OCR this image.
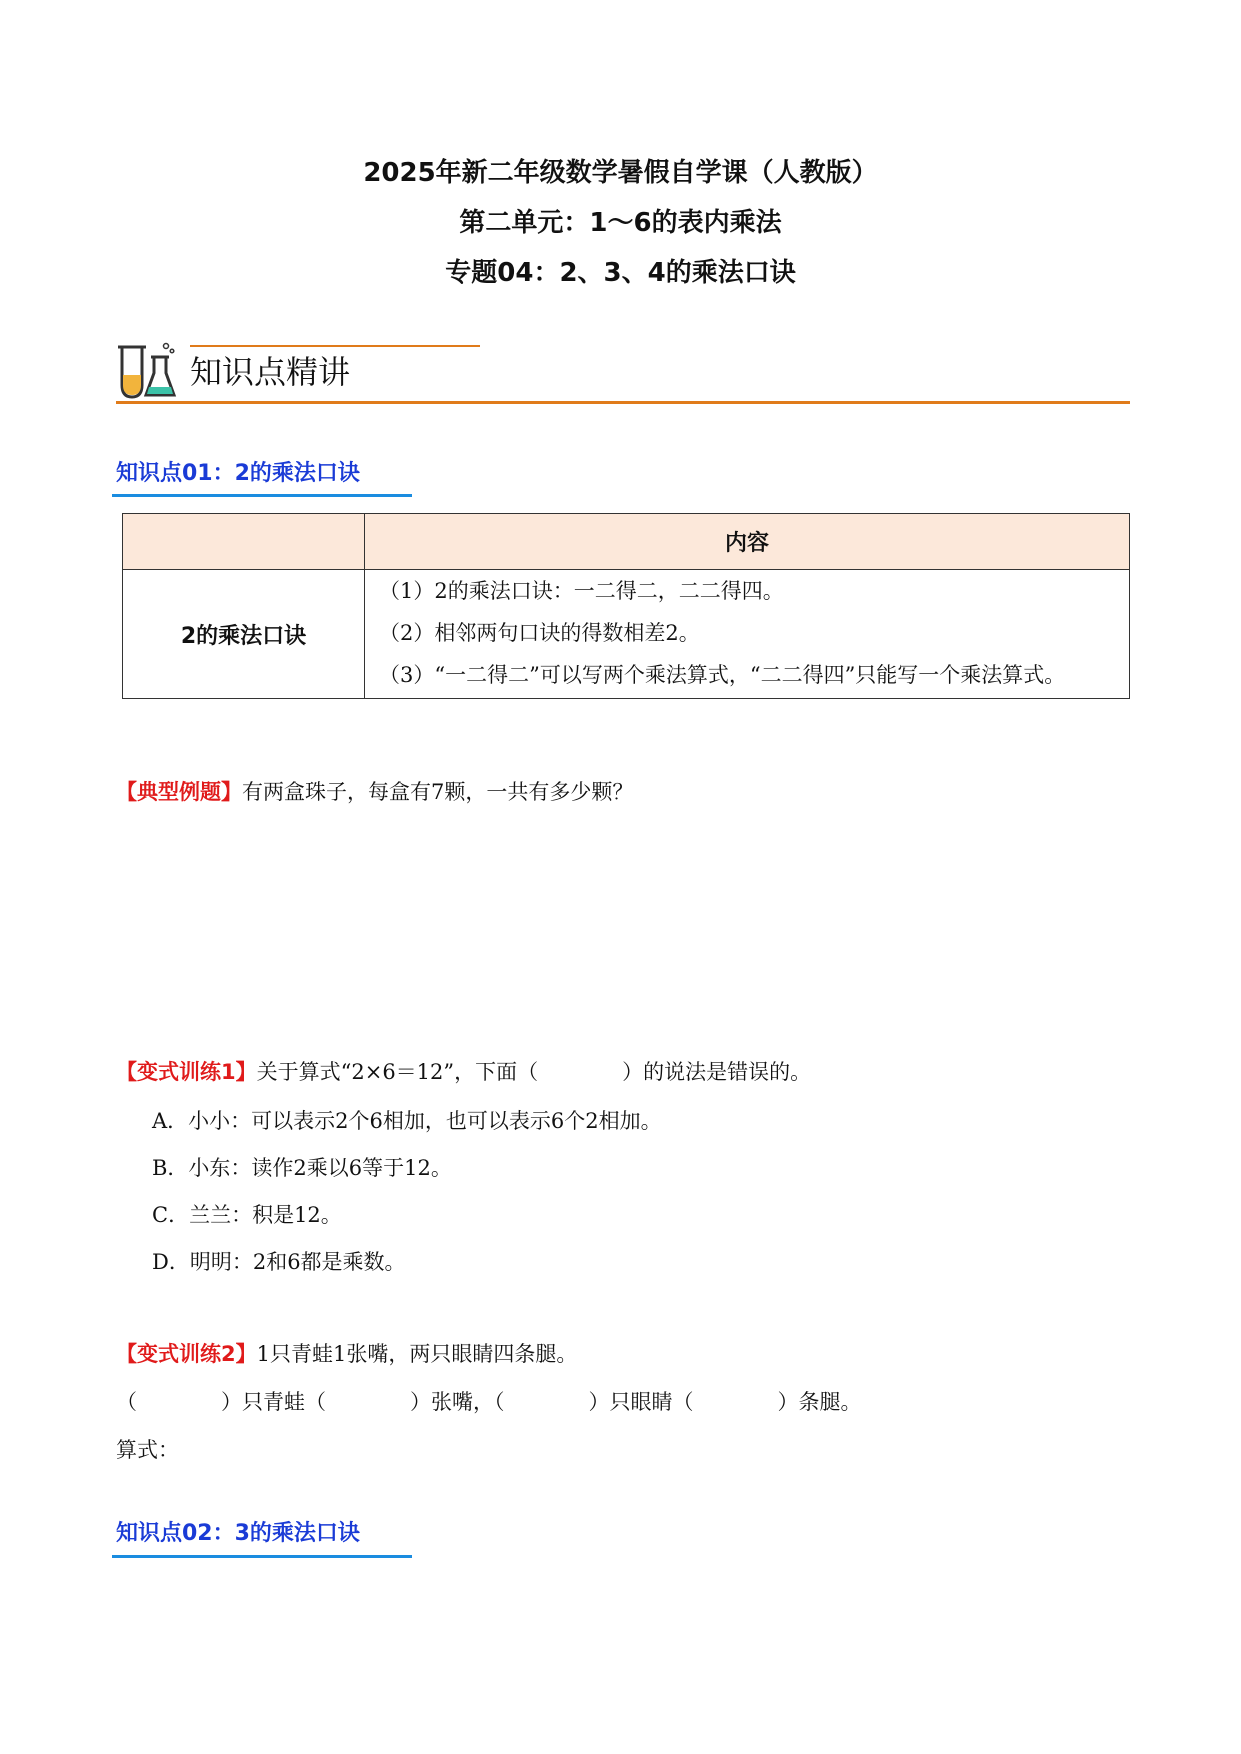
2025年新二年级数学暑假自学课（人教版）
第二单元：1～6的表内乘法
专题04：2、3、4的乘法口诀
知识点精讲
知识点01：2的乘法口诀
	内容
2的乘法口诀	（1）2的乘法口诀：一二得二，二二得四。

（2）相邻两句口诀的得数相差2。

（3）“一二得二”可以写两个乘法算式，“二二得四”只能写一个乘法算式。

【典型例题】有两盒珠子，每盒有7颗，一共有多少颗？
【变式训练1】关于算式“2×6＝12”，下面（　　　　）的说法是错误的。
A．小小：可以表示2个6相加，也可以表示6个2相加。
B．小东：读作2乘以6等于12。
C．兰兰：积是12。
D．明明：2和6都是乘数。
【变式训练2】1只青蛙1张嘴，两只眼睛四条腿。
（　　　　）只青蛙（　　　　）张嘴，（　　　　）只眼睛（　　　　）条腿。
算式：
知识点02：3的乘法口诀
